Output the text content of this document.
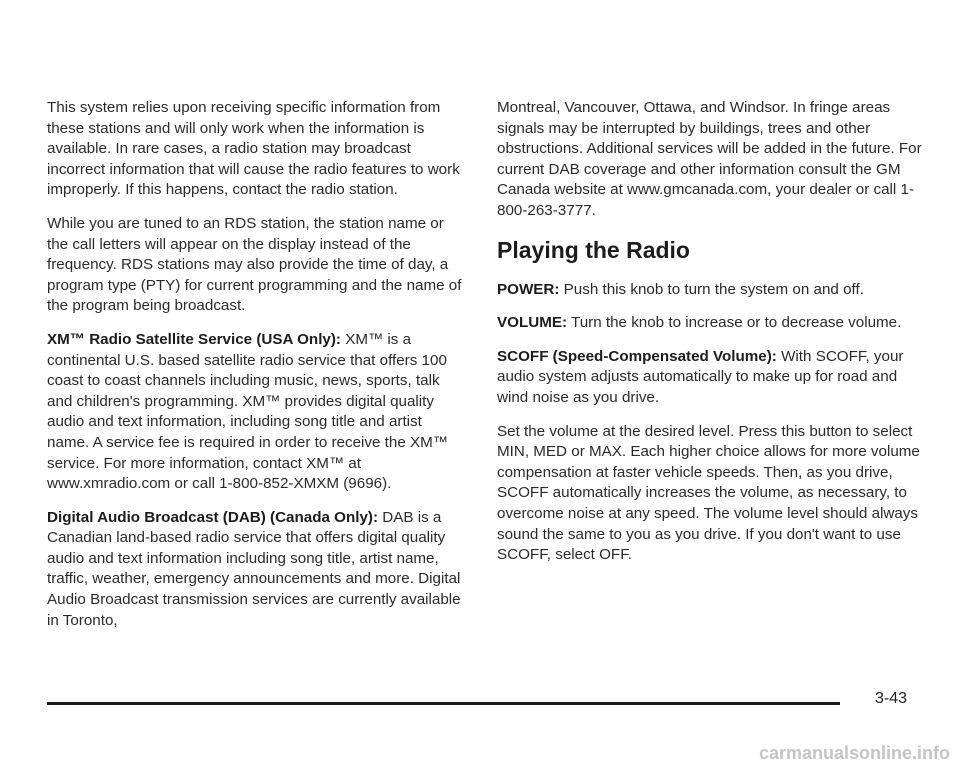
This system relies upon receiving specific information from these stations and will only work when the information is available. In rare cases, a radio station may broadcast incorrect information that will cause the radio features to work improperly. If this happens, contact the radio station.

While you are tuned to an RDS station, the station name or the call letters will appear on the display instead of the frequency. RDS stations may also provide the time of day, a program type (PTY) for current programming and the name of the program being broadcast.

XM™ Radio Satellite Service (USA Only): XM™ is a continental U.S. based satellite radio service that offers 100 coast to coast channels including music, news, sports, talk and children's programming. XM™ provides digital quality audio and text information, including song title and artist name. A service fee is required in order to receive the XM™ service. For more information, contact XM™ at www.xmradio.com or call 1-800-852-XMXM (9696).

Digital Audio Broadcast (DAB) (Canada Only): DAB is a Canadian land-based radio service that offers digital quality audio and text information including song title, artist name, traffic, weather, emergency announcements and more. Digital Audio Broadcast transmission services are currently available in Toronto,

Montreal, Vancouver, Ottawa, and Windsor. In fringe areas signals may be interrupted by buildings, trees and other obstructions. Additional services will be added in the future. For current DAB coverage and other information consult the GM Canada website at www.gmcanada.com, your dealer or call 1-800-263-3777.

Playing the Radio

POWER: Push this knob to turn the system on and off.

VOLUME: Turn the knob to increase or to decrease volume.

SCOFF (Speed-Compensated Volume): With SCOFF, your audio system adjusts automatically to make up for road and wind noise as you drive.

Set the volume at the desired level. Press this button to select MIN, MED or MAX. Each higher choice allows for more volume compensation at faster vehicle speeds. Then, as you drive, SCOFF automatically increases the volume, as necessary, to overcome noise at any speed. The volume level should always sound the same to you as you drive. If you don't want to use SCOFF, select OFF.

3-43
carmanualsonline.info
